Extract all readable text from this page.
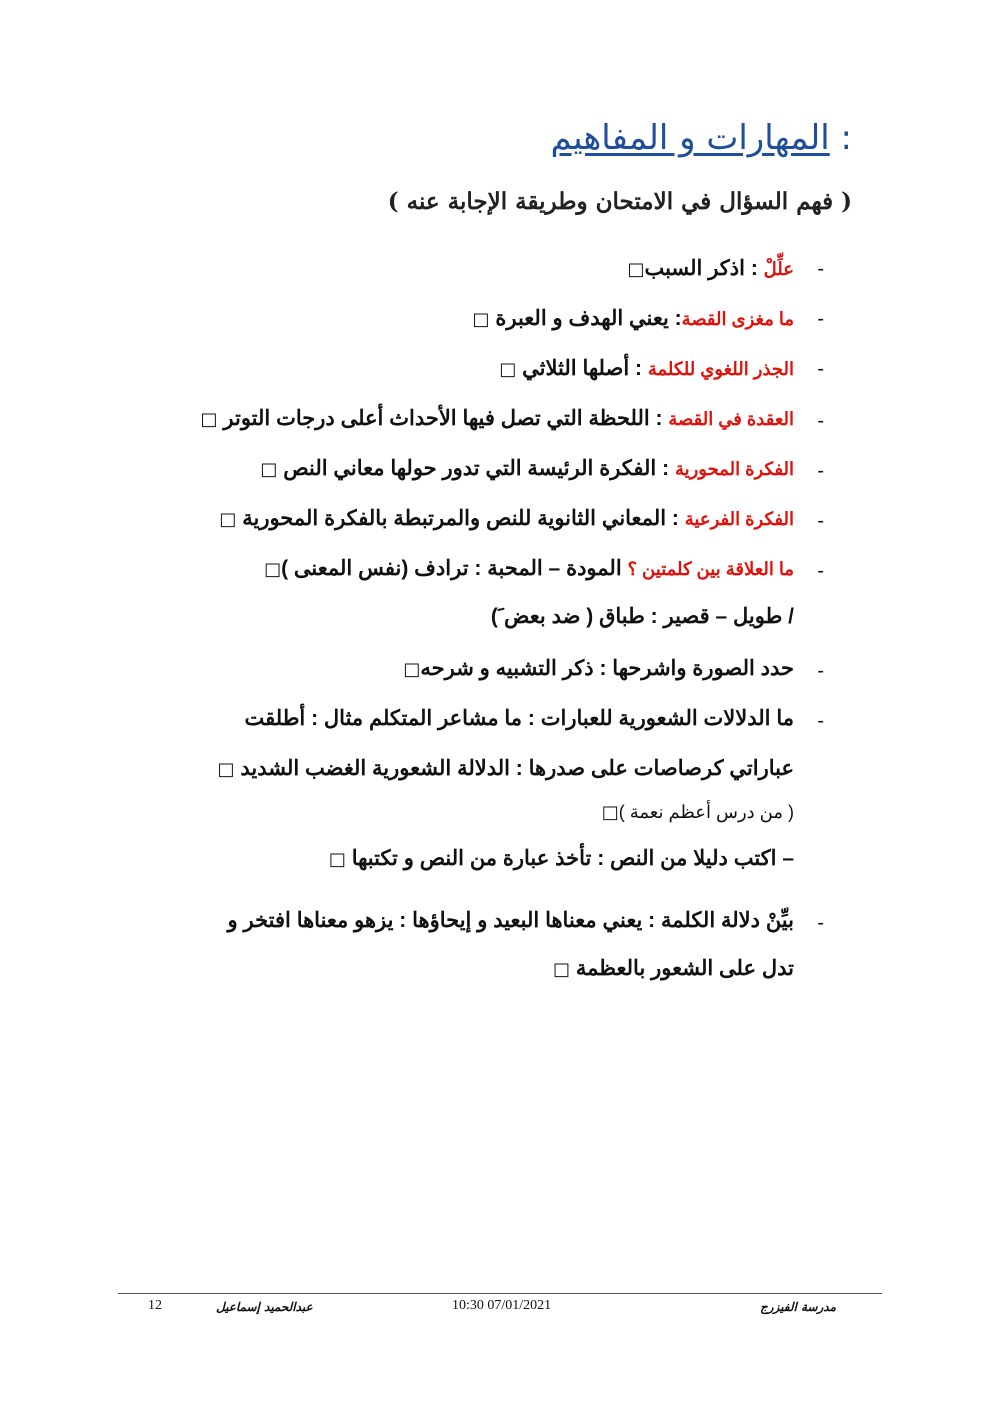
: المهارات و المفاهيم
( فهم السؤال في الامتحان وطريقة الإجابة عنه )
-
علِّلْ : اذكر السبب□
-
ما مغزى القصة: يعني الهدف و العبرة □
-
الجذر اللغوي للكلمة : أصلها الثلاثي □
-
العقدة في القصة : اللحظة التي تصل فيها الأحداث أعلى درجات التوتر □
-
الفكرة المحورية : الفكرة الرئيسة التي تدور حولها معاني النص □
-
الفكرة الفرعية : المعاني الثانوية للنص والمرتبطة بالفكرة المحورية □
-
ما العلاقة بين كلمتين ؟ المودة – المحبة : ترادف (نفس المعنى )□
/ طويل – قصير : طباق ( ضد بعض َ)
-
حدد الصورة واشرحها : ذكر التشبيه و شرحه□
-
ما الدلالات الشعورية للعبارات : ما مشاعر المتكلم مثال : أطلقت
عباراتي كرصاصات على صدرها : الدلالة الشعورية الغضب الشديد □
( من درس أعظم نعمة )□
– اكتب دليلا من النص : تأخذ عبارة من النص و تكتبها □
-
بيِّنْ دلالة الكلمة : يعني معناها البعيد و إيحاؤها : يزهو معناها افتخر و
تدل على الشعور بالعظمة □
12	عبدالحميد إسماعيل	10:30 07/01/2021	مدرسة الفيزرج
